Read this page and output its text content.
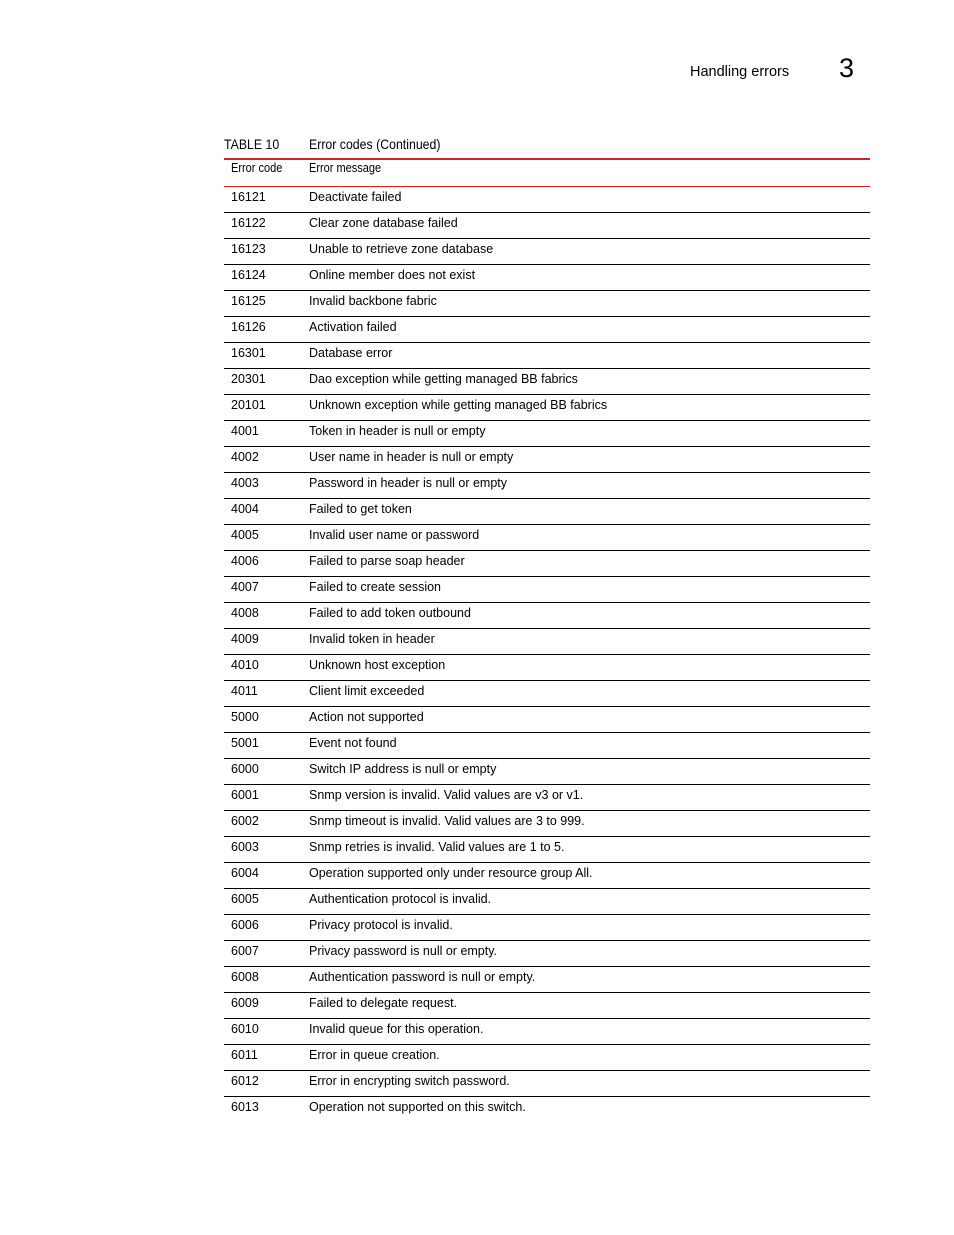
Handling errors 3
TABLE 10 Error codes (Continued)
Error code Error message
16121	Deactivate failed
16122	Clear zone database failed
16123	Unable to retrieve zone database
16124	Online member does not exist
16125	Invalid backbone fabric
16126	Activation failed
16301	Database error
20301	Dao exception while getting managed BB fabrics
20101	Unknown exception while getting managed BB fabrics
4001	Token in header is null or empty
4002	User name in header is null or empty
4003	Password in header is null or empty
4004	Failed to get token
4005	Invalid user name or password
4006	Failed to parse soap header
4007	Failed to create session
4008	Failed to add token outbound
4009	Invalid token in header
4010	Unknown host exception
4011	Client limit exceeded
5000	Action not supported
5001	Event not found
6000	Switch IP address is null or empty
6001	Snmp version is invalid. Valid values are v3 or v1.
6002	Snmp timeout is invalid. Valid values are 3 to 999.
6003	Snmp retries is invalid. Valid values are 1 to 5.
6004	Operation supported only under resource group All.
6005	Authentication protocol is invalid.
6006	Privacy protocol is invalid.
6007	Privacy password is null or empty.
6008	Authentication password is null or empty.
6009	Failed to delegate request.
6010	Invalid queue for this operation.
6011	Error in queue creation.
6012	Error in encrypting switch password.
6013	Operation not supported on this switch.
